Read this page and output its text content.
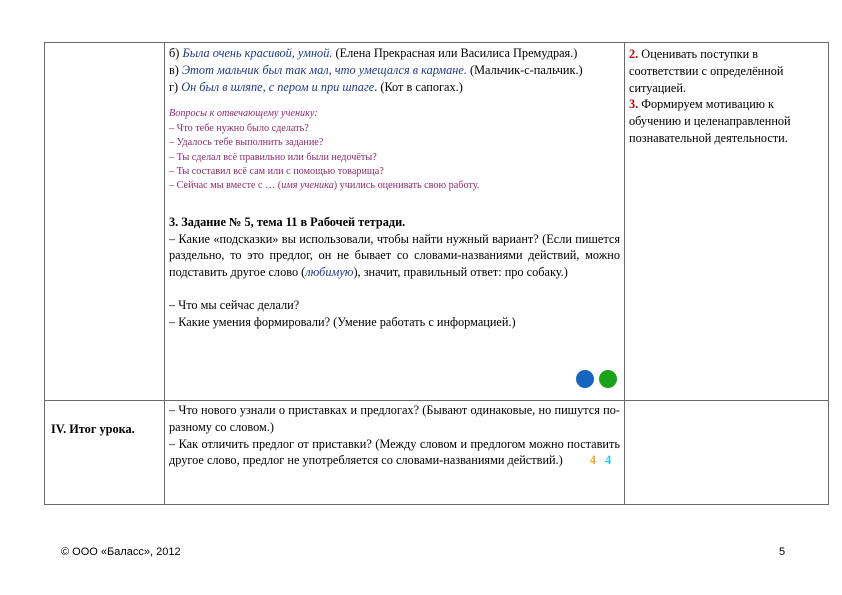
б) Была очень красивой, умной. (Елена Прекрасная или Василиса Премудрая.)

в) Этот мальчик был так мал, что умещался в кармане. (Мальчик-с-пальчик.)

г) Он был в шляпе, с пером и при шпаге. (Кот в сапогах.)

Вопросы к отвечающему ученику:

– Что тебе нужно было сделать?

– Удалось тебе выполнить задание?

– Ты сделал всё правильно или были недочёты?

– Ты составил всё сам или с помощью товарища?

– Сейчас мы вместе с … (имя ученика) учились оценивать свою работу.

3. Задание № 5, тема 11 в Рабочей тетради.

– Какие «подсказки» вы использовали, чтобы найти нужный вариант? (Если пишется раздельно, то это предлог, он не бывает со словами-названиями действий, можно подставить другое слово (любимую), значит, правильный ответ: про собаку.)

– Что мы сейчас делали?

– Какие умения формировали? (Умение работать с информацией.)

2. Оценивать поступки в соответствии с определённой ситуацией.

3. Формируем мотивацию к обучению и целенаправленной познавательной деятельности.

IV. Итог урока.

– Что нового узнали о приставках и предлогах? (Бывают одинаковые, но пишутся по-разному со словом.)

– Как отличить предлог от приставки? (Между словом и предлогом можно поставить другое слово, предлог не употребляется со словами-названиями действий.) 4 4

© ООО «Баласс», 2012	5
